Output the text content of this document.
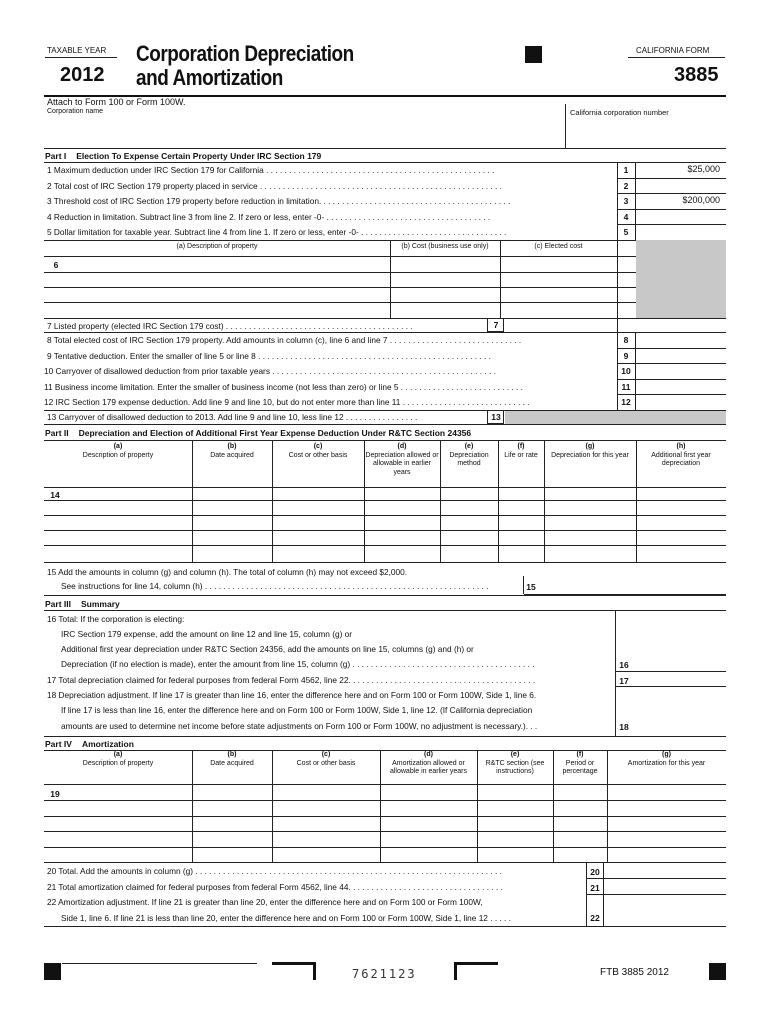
TAXABLE YEAR
2012
Corporation Depreciation
and Amortization
CALIFORNIA FORM
3885
Attach to Form 100 or Form 100W.
Corporation name	California corporation number
Part I Election To Expense Certain Property Under IRC Section 179
1 Maximum deduction under IRC Section 179 for California . . . . . . . . . . . . . . . . . . . . . . . . . . . . . . . . . . . . . . . . . . . . . . . . . .	1	$25,000
2 Total cost of IRC Section 179 property placed in service . . . . . . . . . . . . . . . . . . . . . . . . . . . . . . . . . . . . . . . . . . . . . . . . . . . . .	2
3 Threshold cost of IRC Section 179 property before reduction in limitation. . . . . . . . . . . . . . . . . . . . . . . . . . . . . . . . . . . . . . . . . .	3	$200,000
4 Reduction in limitation. Subtract line 3 from line 2. If zero or less, enter -0- . . . . . . . . . . . . . . . . . . . . . . . . . . . . . . . . . . . .	4
5 Dollar limitation for taxable year. Subtract line 4 from line 1. If zero or less, enter -0- . . . . . . . . . . . . . . . . . . . . . . . . . . . . . . . .	5
(a) Description of property	(b) Cost (business use only)	(c) Elected cost
6
7 Listed property (elected IRC Section 179 cost) . . . . . . . . . . . . . . . . . . . . . . . . . . . . . . . . . . . . . . . . .	7
8 Total elected cost of IRC Section 179 property. Add amounts in column (c), line 6 and line 7 . . . . . . . . . . . . . . . . . . . . . . . . . . . . .	8
9 Tentative deduction. Enter the smaller of line 5 or line 8 . . . . . . . . . . . . . . . . . . . . . . . . . . . . . . . . . . . . . . . . . . . . . . . . . . .	9
10 Carryover of disallowed deduction from prior taxable years . . . . . . . . . . . . . . . . . . . . . . . . . . . . . . . . . . . . . . . . . . . . . . . . .	10
11 Business income limitation. Enter the smaller of business income (not less than zero) or line 5 . . . . . . . . . . . . . . . . . . . . . . . . . . .	11
12 IRC Section 179 expense deduction. Add line 9 and line 10, but do not enter more than line 11 . . . . . . . . . . . . . . . . . . . . . . . . . . . .	12
13 Carryover of disallowed deduction to 2013. Add line 9 and line 10, less line 12 . . . . . . . . . . . . . . . .	13
Part II Depreciation and Election of Additional First Year Expense Deduction Under R&TC Section 24356
(a)
Description of property
(b)
Date acquired
(c)
Cost or other basis
(d)
Depreciation allowed or allowable in earlier years
(e)
Depreciation method
(f)
Life or rate
(g)
Depreciation for this year
(h)
Additional first year depreciation
14
15 Add the amounts in column (g) and column (h). The total of column (h) may not exceed $2,000.
See instructions for line 14, column (h) . . . . . . . . . . . . . . . . . . . . . . . . . . . . . . . . . . . . . . . . . . . . . . . . . . . . . . . . . . . . . .	15
Part III Summary
16 Total: If the corporation is electing:
IRC Section 179 expense, add the amount on line 12 and line 15, column (g) or
Additional first year depreciation under R&TC Section 24356, add the amounts on line 15, columns (g) and (h) or
Depreciation (if no election is made), enter the amount from line 15, column (g) . . . . . . . . . . . . . . . . . . . . . . . . . . . . . . . . . . . . . . . .	16
17 Total depreciation claimed for federal purposes from federal Form 4562, line 22. . . . . . . . . . . . . . . . . . . . . . . . . . . . . . . . . . . . . . . . .	17
18 Depreciation adjustment. If line 17 is greater than line 16, enter the difference here and on Form 100 or Form 100W, Side 1, line 6.
If line 17 is less than line 16, enter the difference here and on Form 100 or Form 100W, Side 1, line 12. (If California depreciation
amounts are used to determine net income before state adjustments on Form 100 or Form 100W, no adjustment is necessary.). . .	18
Part IV Amortization
(a)
Description of property
(b)
Date acquired
(c)
Cost or other basis
(d)
Amortization allowed or allowable in earlier years
(e)
R&TC section (see instructions)
(f)
Period or percentage
(g)
Amortization for this year
19
20 Total. Add the amounts in column (g) . . . . . . . . . . . . . . . . . . . . . . . . . . . . . . . . . . . . . . . . . . . . . . . . . . . . . . . . . . . . . . . . . . .	20
21 Total amortization claimed for federal purposes from federal Form 4562, line 44. . . . . . . . . . . . . . . . . . . . . . . . . . . . . . . . . .	21
22 Amortization adjustment. If line 21 is greater than line 20, enter the difference here and on Form 100 or Form 100W,
Side 1, line 6. If line 21 is less than line 20, enter the difference here and on Form 100 or Form 100W, Side 1, line 12 . . . . .	22
7621123	FTB 3885 2012
